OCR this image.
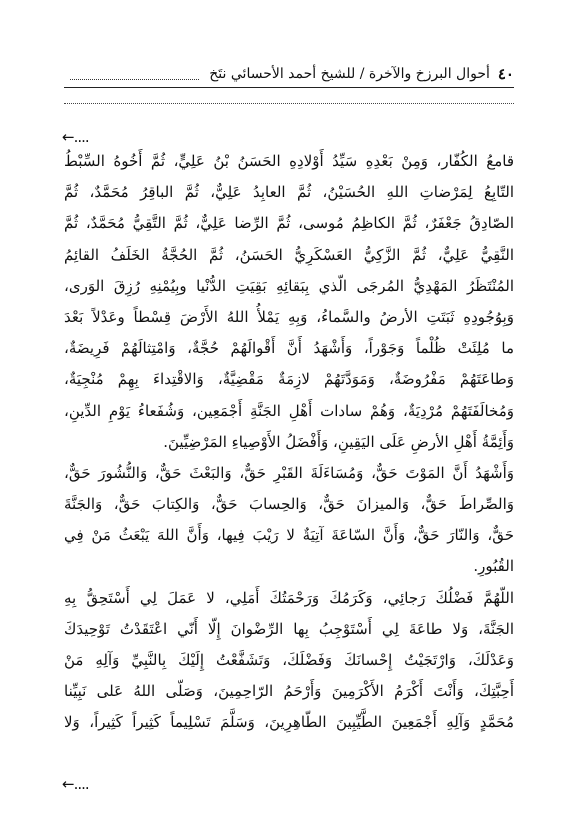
٤٠
أحوال البرزخ والآخرة / للشيخ أحمد الأحسائي نتَخ
←....
قامعُ الكُفّار، وَمِنْ بَعْدِهِ سَيِّدُ أَوْلادِهِ الحَسَنُ بْنُ عَلِيٍّ، ثُمَّ أَخُوهُ السِّبْطُ
التّابِعُ لِمَرْضاتِ اللهِ الحُسَيْنُ، ثُمَّ العابِدُ عَلِيٌّ، ثُمَّ الباقِرُ مُحَمَّدٌ، ثُمَّ
الصّادِقُ جَعْفَرٌ، ثُمَّ الكاظِمُ مُوسى، ثُمَّ الرِّضا عَلِيٌّ، ثُمَّ التَّقِيُّ مُحَمَّدٌ، ثُمَّ
النَّقِيُّ عَلِيٌّ، ثُمَّ الزَّكِيُّ العَسْكَرِيُّ الحَسَنُ، ثُمَّ الحُجَّةُ الخَلَفُ القائِمُ
المُنْتَظَرُ المَهْدِيُّ المُرجَى الّذي بِبَقائِهِ بَقِيَتِ الدُّنْيا وبِيُمْنِهِ رُزِقَ الوَرى،
وَبِوُجُودِهِ ثَبَتَتِ الأرضُ والسَّماءُ، وَبِهِ يَمْلأُ اللهُ الأَرْضَ قِسْطاً وعَدْلاً بَعْدَ
ما مُلِئَتْ ظُلْماً وَجَوْراً، وَأَشْهَدُ أَنَّ أَقْوالَهُمْ حُجَّةٌ، وَامْتِثالَهُمْ فَرِيضَةٌ،
وَطاعَتَهُمْ مَفْرُوضَةٌ، وَمَوَدَّتَهُمْ لازِمَةٌ مَقْضِيَّةٌ، وَالاقْتِداءَ بِهِمْ مُنْجِيَةٌ،
وَمُخالَفَتَهُمْ مُرْدِيَةٌ، وَهُمْ سادات أَهْلِ الجَنَّةِ أَجْمَعِين، وَشُفَعاءُ يَوْمِ الدِّينِ،
وَأَئِمَّةُ أَهْلِ الأرضِ عَلَى اليَقِينِ، وَأَفْضَلُ الأَوْصِياءِ المَرْضِيِّينَ.
وَأَشْهَدُ أَنَّ المَوْتَ حَقٌّ، وَمُسَاءَلَةَ القَبْرِ حَقٌّ، وَالبَعْثَ حَقٌّ، وَالنُّشُورَ حَقٌّ،
وَالصِّراطَ حَقٌّ، وَالميزانَ حَقٌّ، وَالحِسابَ حَقٌّ، وَالكِتابَ حَقٌّ، وَالجَنَّةَ
حَقٌّ، وَالنّارَ حَقٌّ، وَأَنَّ السّاعَةَ آتِيَةٌ لا رَيْبَ فِيها، وَأَنَّ اللهَ يَبْعَثُ مَنْ فِي
القُبُورِ.
اللّهُمَّ فَضْلُكَ رَجائِي، وَكَرَمُكَ وَرَحْمَتُكَ أَمَلِي، لا عَمَلَ لِي أَسْتَحِقُّ بِهِ
الجَنَّةَ، وَلا طاعَةَ لِي أَسْتَوْجِبُ بِها الرِّضْوانَ إِلّا أَنّي اعْتَقَدْتُ تَوْحِيدَكَ
وَعَدْلَكَ، وَارْتَجَيْتُ إِحْسانَكَ وَفَضْلَكَ، وَتَشَفَّعْتُ إِلَيْكَ بِالنَّبِيِّ وَآلِهِ مَنْ
أَحِبَّتِكَ، وَأَنْتَ أَكْرَمُ الأَكْرَمِينَ وَأَرْحَمُ الرّاحِمِينَ، وَصَلّى اللهُ عَلى نَبِيِّنا
مُحَمَّدٍ وَآلِهِ أَجْمَعِينَ الطَّيِّبِينَ الطّاهِرِينَ، وَسَلَّمَ تَسْلِيماً كَثِيراً كَثِيراً، وَلا
←....
